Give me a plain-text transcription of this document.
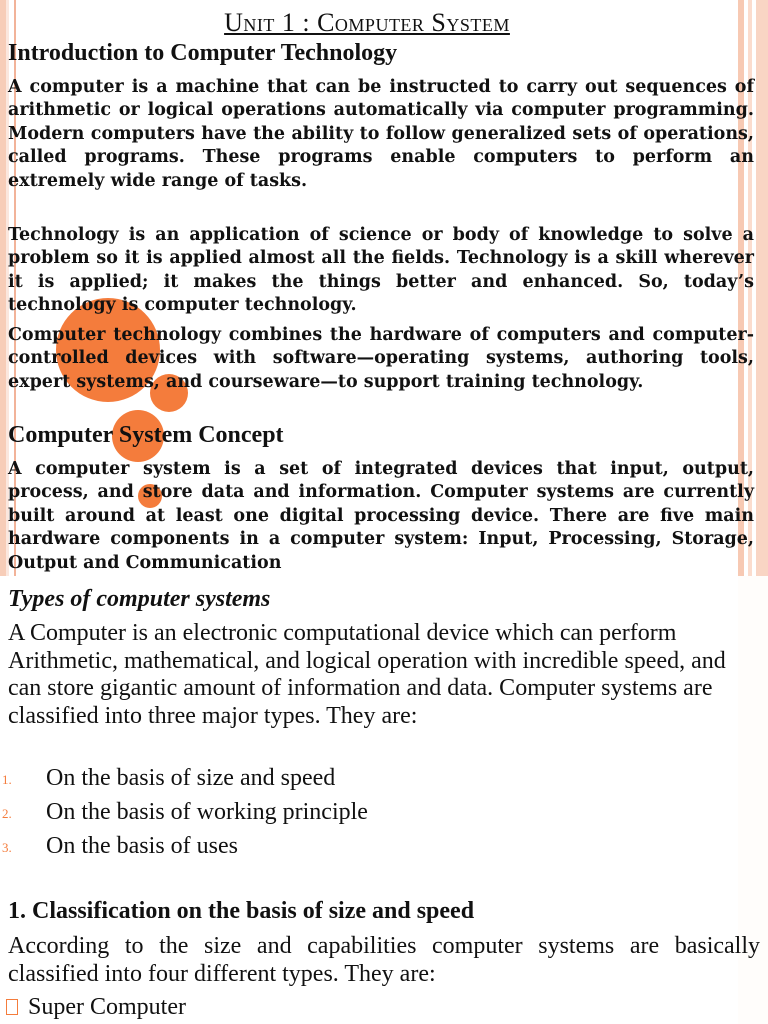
Unit 1 : Computer System
Introduction to Computer Technology
A computer is a machine that can be instructed to carry out sequences of arithmetic or logical operations automatically via computer programming. Modern computers have the ability to follow generalized sets of operations, called programs. These programs enable computers to perform an extremely wide range of tasks.
Technology is an application of science or body of knowledge to solve a problem so it is applied almost all the fields. Technology is a skill wherever it is applied; it makes the things better and enhanced. So, today’s technology is computer technology.
Computer technology combines the hardware of computers and computer-controlled devices with software—operating systems, authoring tools, expert systems, and courseware—to support training technology.
Computer System Concept
A computer system is a set of integrated devices that input, output, process, and store data and information. Computer systems are currently built around at least one digital processing device. There are five main hardware components in a computer system: Input, Processing, Storage, Output and Communication
Types of computer systems
A Computer is an electronic computational device which can perform Arithmetic, mathematical, and logical operation with incredible speed, and can store gigantic amount of information and data. Computer systems are classified into three major types. They are:
1. On the basis of size and speed
2. On the basis of working principle
3. On the basis of uses
1. Classification on the basis of size and speed
According to the size and capabilities computer systems are basically classified into four different types. They are:
Super Computer
